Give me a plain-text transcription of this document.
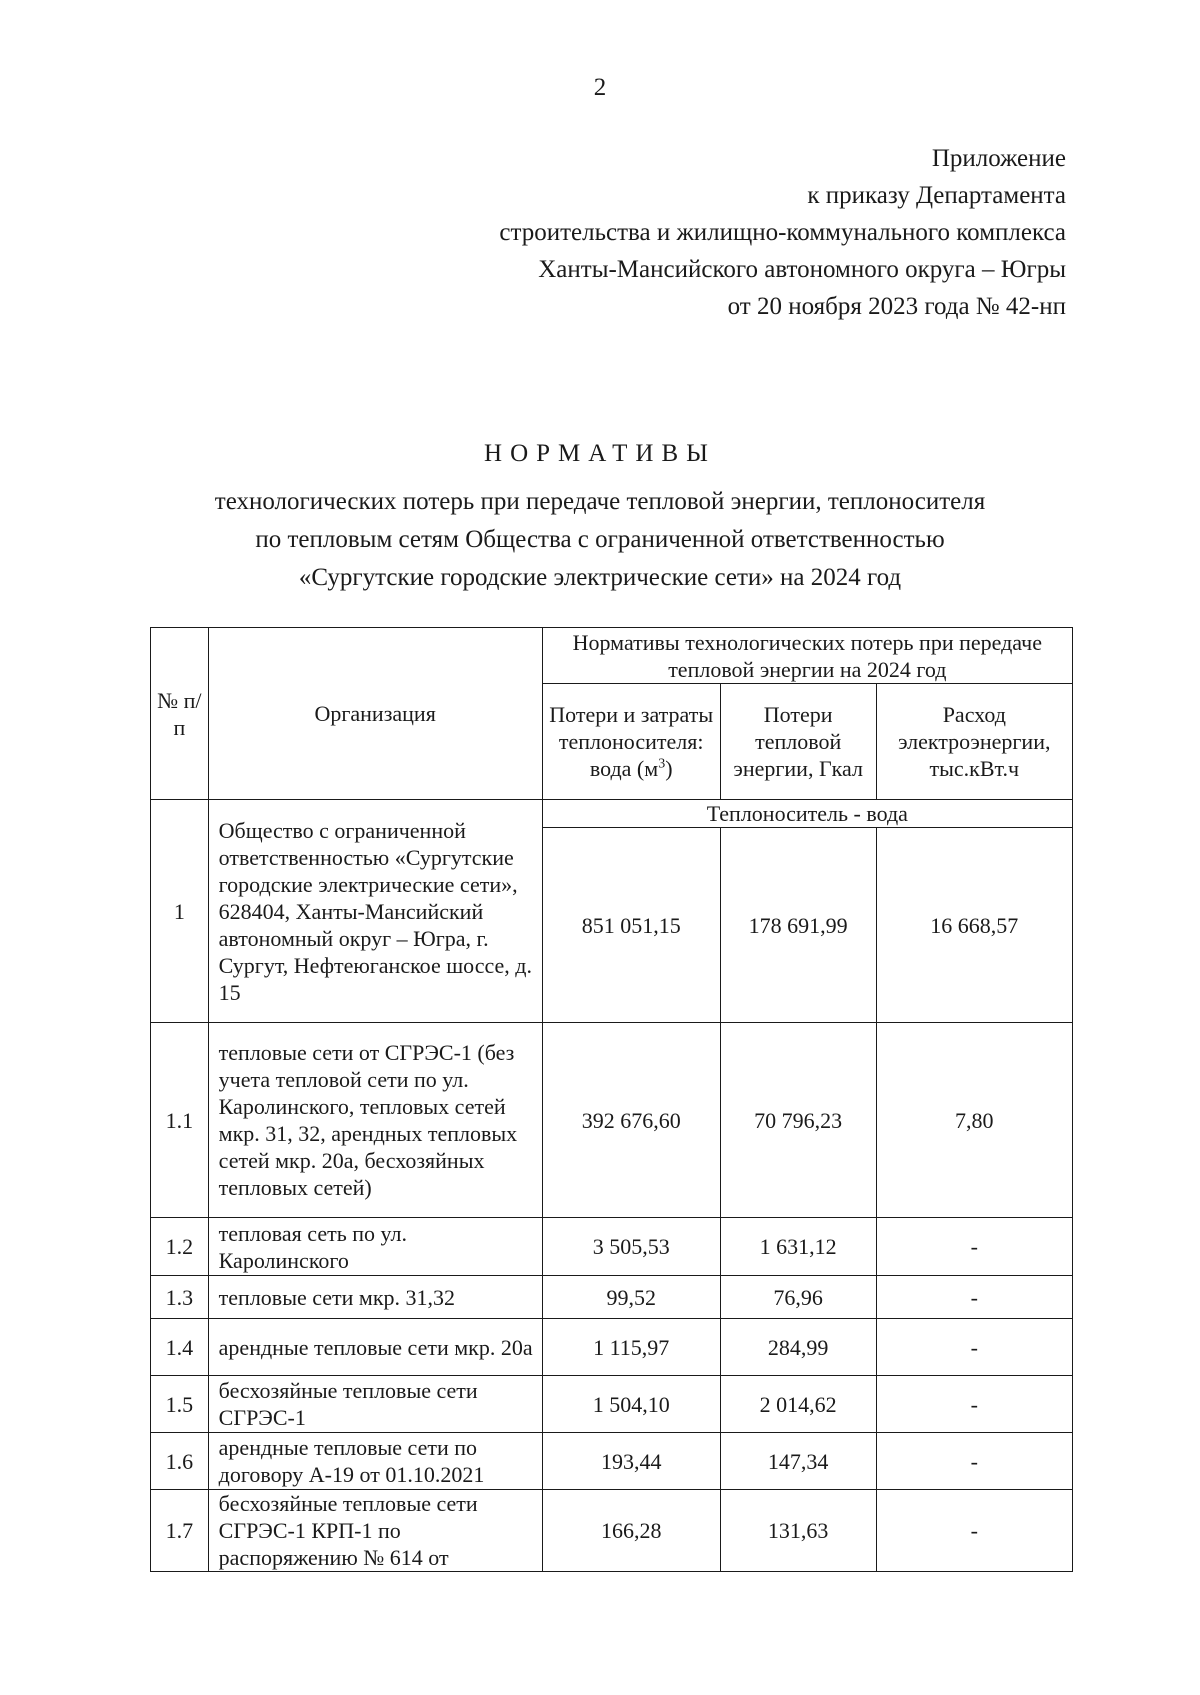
2
Приложение
к приказу Департамента
строительства и жилищно-коммунального комплекса
Ханты-Мансийского автономного округа – Югры
от 20 ноября 2023 года № 42-нп
НОРМАТИВЫ
технологических потерь при передаче тепловой энергии, теплоносителя
по тепловым сетям Общества с ограниченной ответственностью
«Сургутские городские электрические сети» на 2024 год
№ п/п	Организация	Нормативы технологических потерь при передаче тепловой энергии на 2024 год		
		Потери и затраты теплоносителя: вода $(м^3)$	Потери тепловой энергии, Гкал	Расход электроэнергии, тыс.кВт.ч
1	Общество с ограниченной ответственностью «Сургутские городские электрические сети», 628404, Ханты-Мансийский автономный округ – Югра, г. Сургут, Нефтеюганское шоссе, д. 15	Теплоноситель - вода		
		851 051,15	178 691,99	16 668,57
1.1	тепловые сети от СГРЭС-1 (без учета тепловой сети по ул. Каролинского, тепловых сетей мкр. 31, 32, арендных тепловых сетей мкр. 20а, бесхозяйных тепловых сетей)	392 676,60	70 796,23	7,80
1.2	тепловая сеть по ул. Каролинского	3 505,53	1 631,12	-
1.3	тепловые сети мкр. 31,32	99,52	76,96	-
1.4	арендные тепловые сети мкр. 20а	1 115,97	284,99	-
1.5	бесхозяйные тепловые сети СГРЭС-1	1 504,10	2 014,62	-
1.6	арендные тепловые сети по договору А-19 от 01.10.2021	193,44	147,34	-
1.7	бесхозяйные тепловые сети СГРЭС-1 КРП-1 по распоряжению № 614 от	166,28	131,63	-
